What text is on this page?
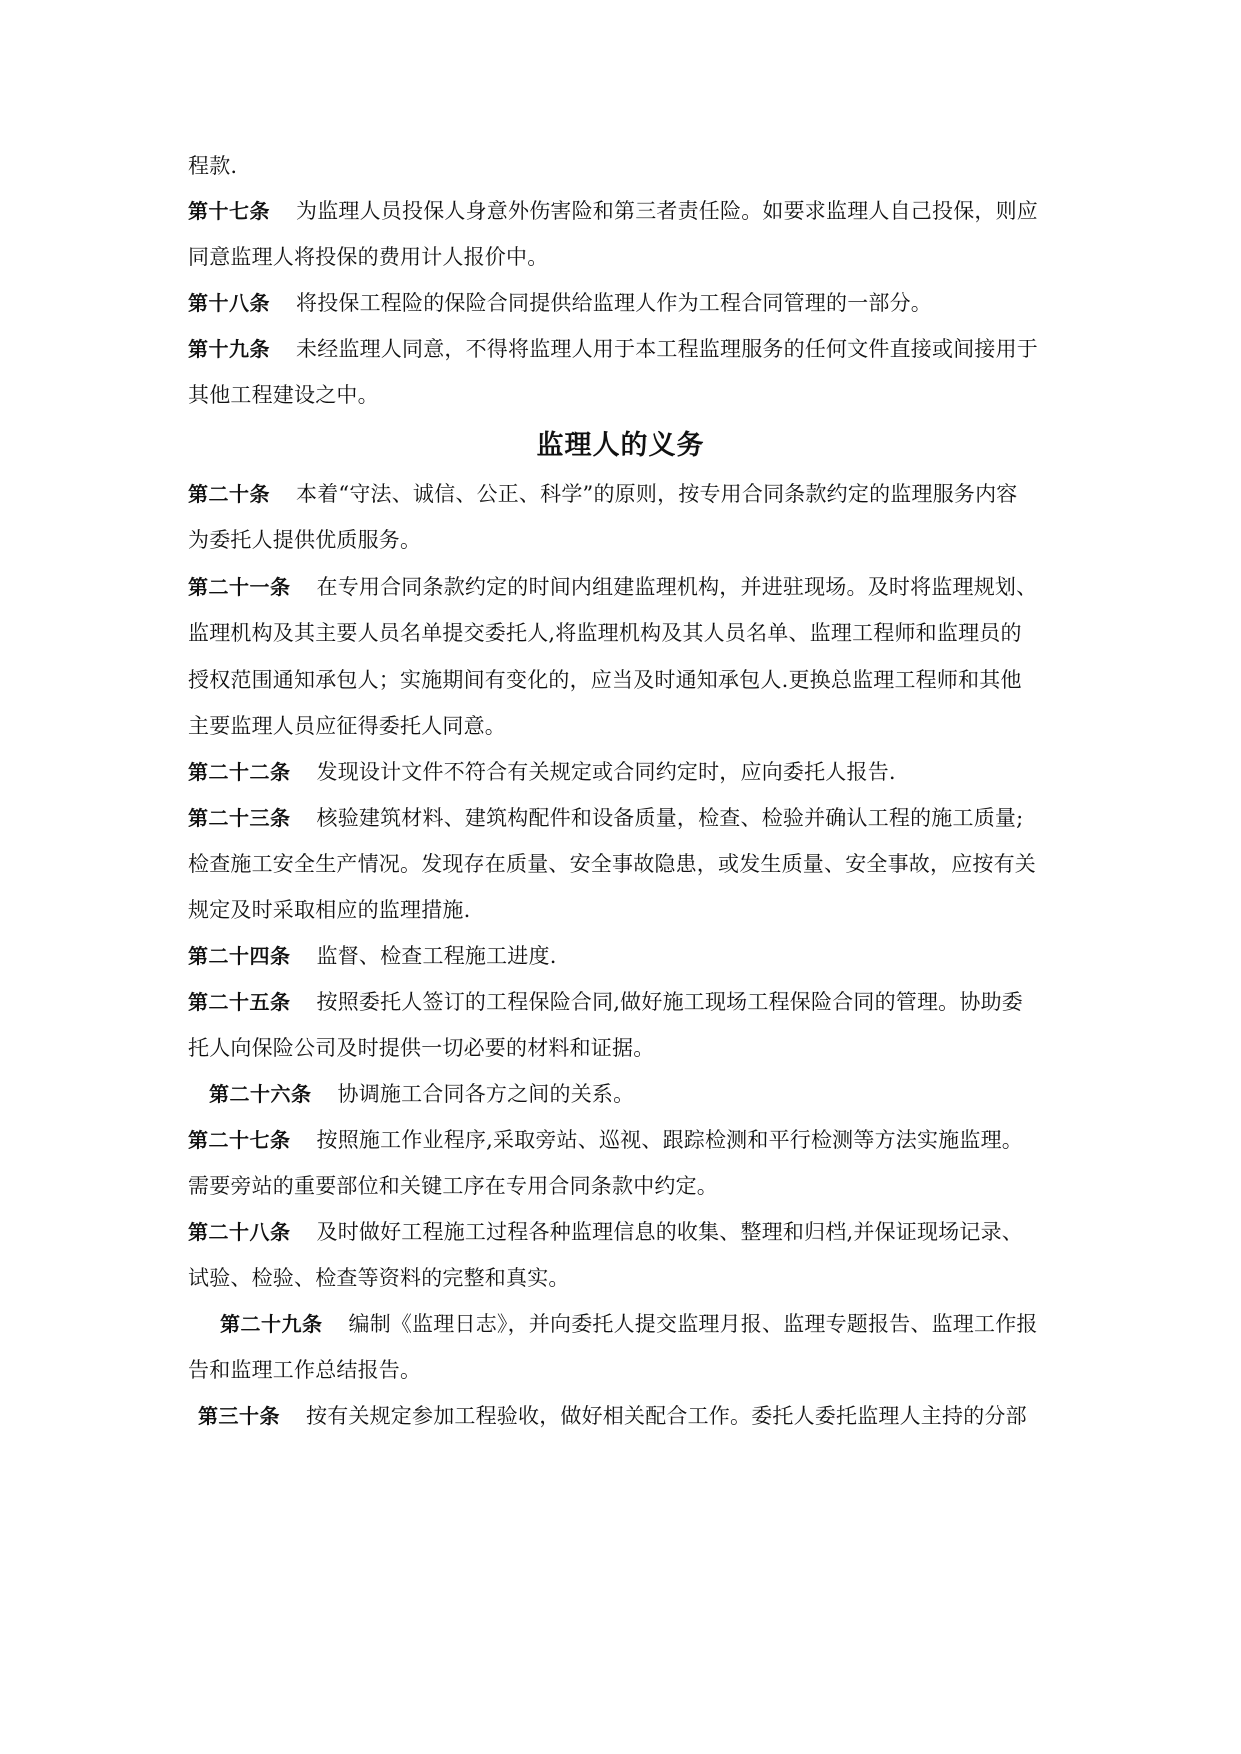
程款.
第十七条 为监理人员投保人身意外伤害险和第三者责任险。如要求监理人自己投保，则应
同意监理人将投保的费用计人报价中。
第十八条 将投保工程险的保险合同提供给监理人作为工程合同管理的一部分。
第十九条 未经监理人同意，不得将监理人用于本工程监理服务的任何文件直接或间接用于
其他工程建设之中。
监理人的义务
第二十条 本着“守法、诚信、公正、科学”的原则，按专用合同条款约定的监理服务内容
为委托人提供优质服务。
第二十一条 在专用合同条款约定的时间内组建监理机构，并进驻现场。及时将监理规划、
监理机构及其主要人员名单提交委托人,将监理机构及其人员名单、监理工程师和监理员的
授权范围通知承包人；实施期间有变化的，应当及时通知承包人.更换总监理工程师和其他
主要监理人员应征得委托人同意。
第二十二条 发现设计文件不符合有关规定或合同约定时，应向委托人报告.
第二十三条 核验建筑材料、建筑构配件和设备质量，检查、检验并确认工程的施工质量;
检查施工安全生产情况。发现存在质量、安全事故隐患，或发生质量、安全事故，应按有关
规定及时采取相应的监理措施.
第二十四条 监督、检查工程施工进度.
第二十五条 按照委托人签订的工程保险合同,做好施工现场工程保险合同的管理。协助委
托人向保险公司及时提供一切必要的材料和证据。
第二十六条 协调施工合同各方之间的关系。
第二十七条 按照施工作业程序,采取旁站、巡视、跟踪检测和平行检测等方法实施监理。
需要旁站的重要部位和关键工序在专用合同条款中约定。
第二十八条 及时做好工程施工过程各种监理信息的收集、整理和归档,并保证现场记录、
试验、检验、检查等资料的完整和真实。
第二十九条 编制《监理日志》，并向委托人提交监理月报、监理专题报告、监理工作报
告和监理工作总结报告。
第三十条 按有关规定参加工程验收，做好相关配合工作。委托人委托监理人主持的分部
